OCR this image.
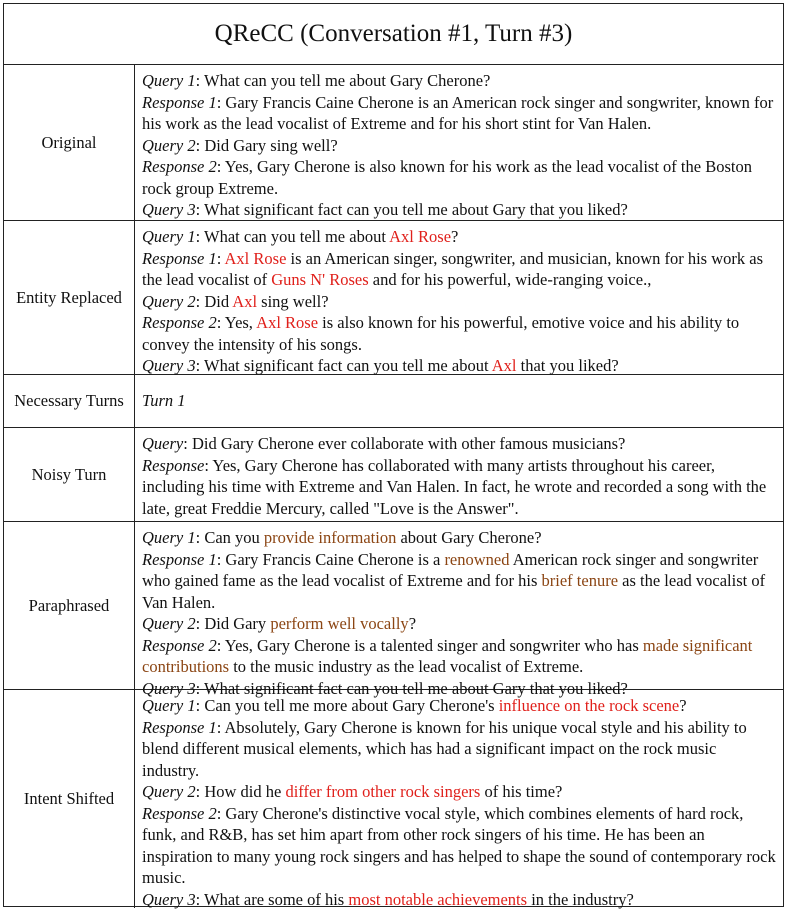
QReCC (Conversation #1, Turn #3)
Original
Query 1: What can you tell me about Gary Cherone?
Response 1: Gary Francis Caine Cherone is an American rock singer and songwriter, known for his work as the lead vocalist of Extreme and for his short stint for Van Halen.
Query 2: Did Gary sing well?
Response 2: Yes, Gary Cherone is also known for his work as the lead vocalist of the Boston rock group Extreme.
Query 3: What significant fact can you tell me about Gary that you liked?
Entity Replaced
Query 1: What can you tell me about Axl Rose?
Response 1: Axl Rose is an American singer, songwriter, and musician, known for his work as the lead vocalist of Guns N' Roses and for his powerful, wide-ranging voice.,
Query 2: Did Axl sing well?
Response 2: Yes, Axl Rose is also known for his powerful, emotive voice and his ability to convey the intensity of his songs.
Query 3: What significant fact can you tell me about Axl that you liked?
Necessary Turns	Turn 1
Noisy Turn
Query: Did Gary Cherone ever collaborate with other famous musicians?
Response: Yes, Gary Cherone has collaborated with many artists throughout his career, including his time with Extreme and Van Halen. In fact, he wrote and recorded a song with the late, great Freddie Mercury, called "Love is the Answer".
Paraphrased
Query 1: Can you provide information about Gary Cherone?
Response 1: Gary Francis Caine Cherone is a renowned American rock singer and songwriter who gained fame as the lead vocalist of Extreme and for his brief tenure as the lead vocalist of Van Halen.
Query 2: Did Gary perform well vocally?
Response 2: Yes, Gary Cherone is a talented singer and songwriter who has made significant contributions to the music industry as the lead vocalist of Extreme.
Query 3: What significant fact can you tell me about Gary that you liked?
Intent Shifted
Query 1: Can you tell me more about Gary Cherone's influence on the rock scene?
Response 1: Absolutely, Gary Cherone is known for his unique vocal style and his ability to blend different musical elements, which has had a significant impact on the rock music industry.
Query 2: How did he differ from other rock singers of his time?
Response 2: Gary Cherone's distinctive vocal style, which combines elements of hard rock, funk, and R&B, has set him apart from other rock singers of his time. He has been an inspiration to many young rock singers and has helped to shape the sound of contemporary rock music.
Query 3: What are some of his most notable achievements in the industry?
